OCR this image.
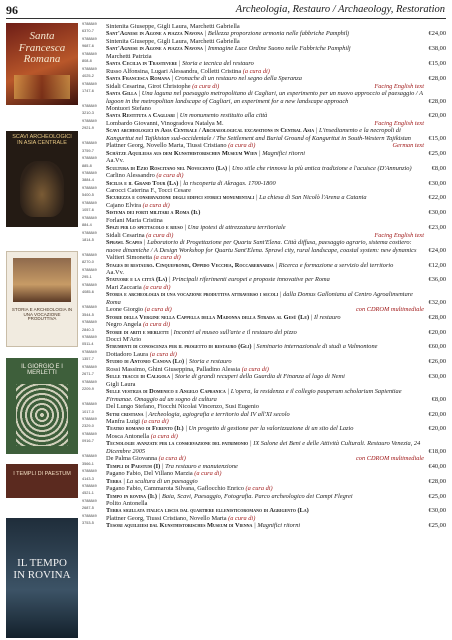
96	Archeologia, Restauro / Archaeology, Restoration
Santa
Francesca
Romana
SCAVI ARCHEOLOGICI
IN ASIA CENTRALE
STORIA E ARCHEOLOGIA IN UNA VOCAZIONE PRODUTTIVA
IL GIORGIO E I MERLETTI
I TEMPLI DI PAESTUM
IL TEMPO IN ROVINA
9788849
6370-7
Sintenita Giuseppe, Gigli Laura, Marchetti Gabriella
Sant'Agnese in Agone a piazza Navona | Bellezza proporzione armonia nelle fabbriche Pamphilj	€24,00
9788849
9687-6
Sintenita Giuseppe, Gigli Laura, Marchetti Gabriella
Sant'Agnese in Agone a piazza Navona | Immagine Luce Ordine Suono nelle Fabbriche Pamphilj	€38,00
9788849
808-8
Marchetti Patrizia
Santa Cecilia in Trastevere | Storia e tecnica del restauro	€15,00
9788849
4025-2
Russo Alfonsina, Lugari Alessandra, Colletti Cristina (a cura di)
Santa Francesca Romana | Cronache di un restauro nel segno della Speranza	€28,00
9788849
1747-6
Facing English text
Sidali Cesarina, Girot Christophe (a cura di)
Santa Gilla | Una laguna nel paesaggio metropolitano di Cagliari, un esperimento per un nuovo approccio al paesaggio / A lagoon in the metropolitan landscape of Cagliari, an experiment for a new landscape approach	€28,00
9788849
3210-3
Montuori Stefano
Santa Restituta a Cagliari | Un monumento restituito alla città	€20,00
9788849
2921-9
Facing English text
Lombardo Giovanni, Vinogradova Natalya M.
Scavi archeologici in Asia Centrale / Archaeological excavations in Central Asia | L'insediamento e la necropoli di Kangurttut nel Tajikistan sud-occidentale / The Settlement and Burial Ground of Kangurttut in South-Western Tajikistan	€15,00
9788849
3759-7
German text
Plattner Georg, Novello Marta, Tiussi Cristiano (a cura di)
Schätze Aquileias aus dem Kunsthistorischen Museum Wien | Magnifici ritorni	€25,00
9788849
885-8
Aa.Vv.
Scultura di Ezio Roscitano nel Novecento (La) | Uno stile che rinnova la più antica tradizione e l'acuisce (D'Annunzio)	€8,00
9788849
3884-4
Carlino Alessandro (a cura di)
Sicilia e il Grand Tour (La) | la riscoperta di Akragas. 1700-1800	€30,00
9788849
5400-5
Carocci Caterina F., Tocci Cesare
Sicurezza e conservazione degli edifici storici monumentali | La chiesa di San Nicolò l'Arena a Catania	€22,00
9788849
1057-6
Cajano Elvira (a cura di)
Sistema dei forti militari a Roma (Il)	€30,00
9788849
884-4
Forlani Maria Cristina
Spazi per lo spettacolo e riuso | Una ipotesi di attrezzatura territoriale	€23,00
9788849
1814-5
Facing English text
Sidali Cesarina (a cura di)
Sprawl Scapes | Laboratorio di Progettazione per Quartu Sant'Elena. Città diffusa, paesaggio agrario, sistema costiero: nuove dinamiche / A Design Workshop for Quartu Sant'Elena. Sprawl city, rural landscape, coastal system: new dynamics	€24,00
9788849
8270-0
Valtieri Simonetta (a cura di)
Stages di restauro. Cinquefrondi, Oppido Vecchia, Roccabernarda | Ricerca e formazione a servizio del territorio	€12,00
9788849
295-1
Aa.Vv.
Statuore e la città (La) | Principali riferimenti europei e proposte innovative per Roma	€36,00
9788849
4085-6
Mari Zaccaria (a cura di)
Storia e archeologia di una vocazione produttiva attraverso i secoli | dalla Domus Gallonianu al Centro Agroalimentare Roma	€32,00
9788849
3544-5
con CDROM multimediale
Leone Giorgio (a cura di)
Storie della Vergine nella Cappella della Madonna della Strada al Gesù (Le) | Il restauro	€28,00
9788849
2840-3
Negro Angela (a cura di)
Storie di abiti e merletti | Incontri al museo sull'arte e il restauro del pizzo	€20,00
9788849
0511-4
Docci M'Ario
Strumenti di conoscenza per il progetto di restauro (Gli) | Seminario internazionale di studi a Valmontone	€60,00
9788849
1357-7
Dottadoro Laura (a cura di)
Studio di Antonio Canova (Lo) | Storia e restauro	€26,00
9788849
2671-7
Rossi Massimo, Ghini Giuseppina, Palladino Alessia (a cura di)
Sulle tracce di Caligola | Storie di grandi recuperi della Guardia di Finanza al lago di Nemi	€30,00
9788849
2209-9
Gigli Laura
Sulle vestigia di Domenico e Angelo Capranica | L'opera, la residenza e il collegio pauperum scholarium Sapientiae Firmanae. Omaggio ad un sogno di cultura	€8,00
9788849
1017-0
Del Lungo Stefano, Fiocchi Nicolai Vincenzo, Susi Eugenio
Sutri cristiana | Archeologia, agiografia e territorio dal IV all'XI secolo	€20,00
9788849
2329-0
Manfra Luigi (a cura di)
Teatro romano di Ferento (Il) | Un progetto di gestione per la valorizzazione di un sito del Lazio	€20,00
9788849
0916-7
Mosca Antonella (a cura di)
Tecnologie avanzate per la conservazione del patrimonio | IX Salone dei Beni e delle Attività Culturali. Restauro Venezia, 24 Dicembre 2005	€18,00
9788849
3566-1
con CDROM multimediale
De Palma Giovanna (a cura di)
Templi di Paestum (I) | Tra restauro e manutenzione	€40,00
9788849
4143-3
Pagano Fabio, Del Villano Marzia (a cura di)
Terra | La scultura di un paesaggio	€28,00
9788849
4521-1
Pagano Fabio, Cammarota Silvana, Gaflocchio Enrico (a cura di)
Tempo in rovina (Il) | Baia, Scavi, Paesaggio, Fotografia. Parco archeologico dei Campi Flegrei	€25,00
9788849
2687-5
Polito Antonella
Terra sigillata italica liscia dal quartiere ellenisticoromano di Agrigento (La)	€30,00
9788849
3753-5
Plattner Georg, Tiussi Cristiano, Novello Marta (a cura di)
Tesori aquileiesi dal Kunsthistorisches Museum di Vienna | Magnifici ritorni	€25,00
